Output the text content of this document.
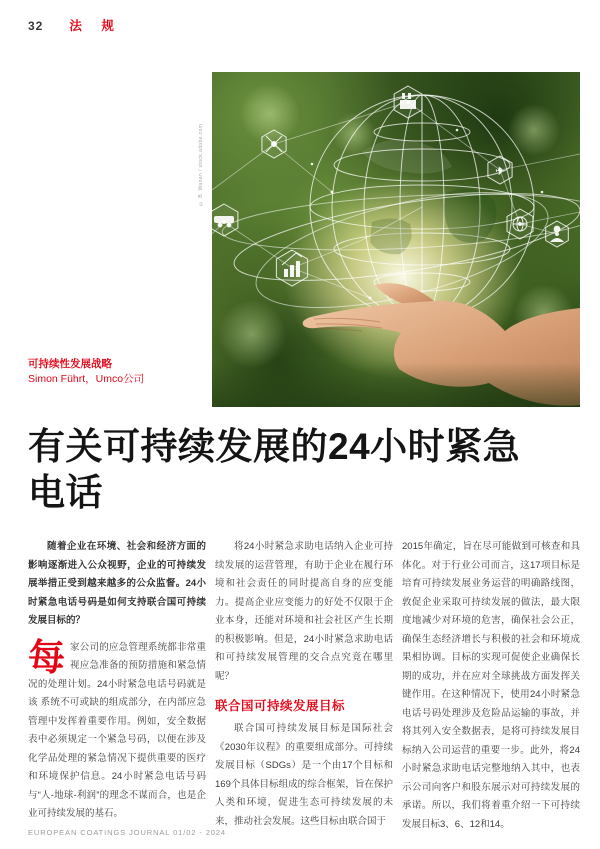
32 法 规
© B. Wanan / stock.adobe.com	✈
可持续性发展战略
Simon Führt，Umco公司
有关可持续发展的24小时紧急
电话

随着企业在环境、社会和经济方面的影响逐渐进入公众视野，企业的可持续发展举措正受到越来越多的公众监督。24小时紧急电话号码是如何支持联合国可持续发展目标的？

每家公司的应急管理系统都非常重视应急准备的预防措施和紧急情况的处理计划。24小时紧急电话号码就是该 系统不可或缺的组成部分，在内部应急管理中发挥着重要作用。例如，安全数据表中必须规定一个紧急号码，以便在涉及化学品处理的紧急情况下提供重要的医疗和环境保护信息。24小时紧急电话号码与“人-地球-利润”的理念不谋而合，也是企业可持续发展的基石。

将24小时紧急求助电话纳入企业可持续发展的运营管理，有助于企业在履行环境和社会责任的同时提高自身的应变能力。提高企业应变能力的好处不仅限于企业本身，还能对环境和社会社区产生长期的积极影响。但是，24小时紧急求助电话和可持续发展管理的交合点究竟在哪里呢？

联合国可持续发展目标

联合国可持续发展目标是国际社会《2030年议程》的重要组成部分。可持续发展目标（SDGs）是一个由17个目标和169个具体目标组成的综合框架，旨在保护人类和环境，促进生态可持续发展的未来，推动社会发展。这些目标由联合国于

2015年确定，旨在尽可能做到可核查和具体化。对于行业公司而言，这17项目标是培育可持续发展业务运营的明确路线图，敦促企业采取可持续发展的做法，最大限度地减少对环境的危害，确保社会公正，确保生态经济增长与积极的社会和环境成果相协调。目标的实现可促使企业确保长期的成功，并在应对全球挑战方面发挥关键作用。在这种情况下，使用24小时紧急电话号码处理涉及危险品运输的事故，并将其列入安全数据表，是将可持续发展目标纳入公司运营的重要一步。此外，将24小时紧急求助电话完整地纳入其中，也表示公司向客户和股东展示对可持续发展的承诺。所以，我们将着重介绍一下可持续发展目标3、6、12和14。

EUROPEAN COATINGS JOURNAL 01/02 - 2024
